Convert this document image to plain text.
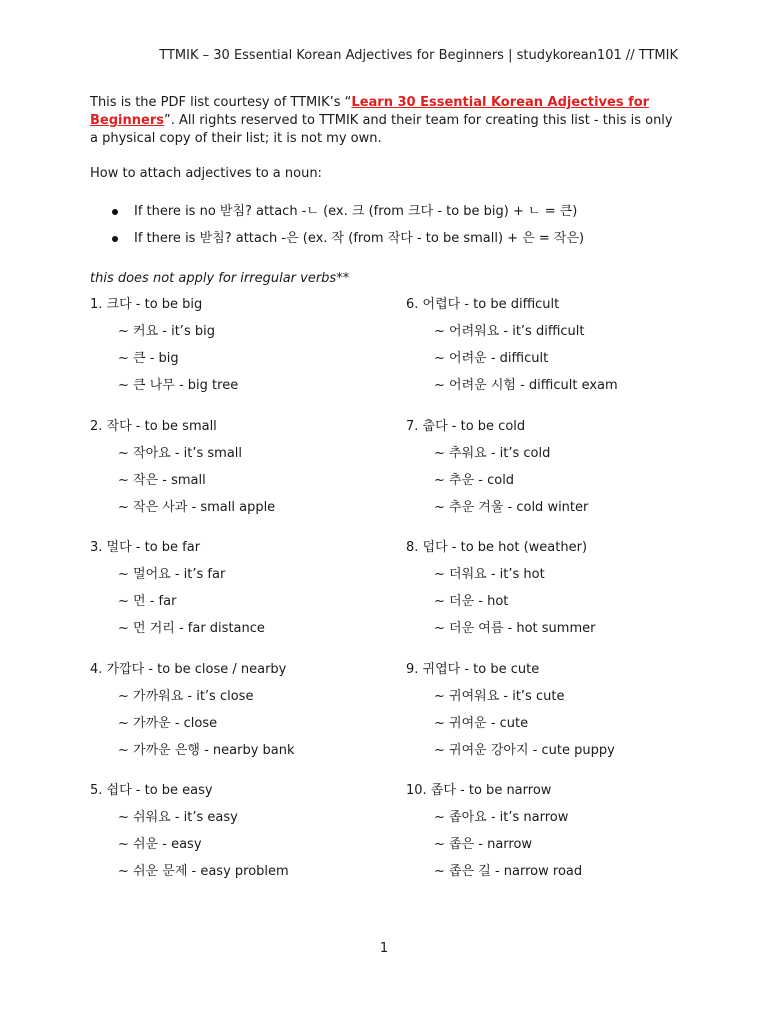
TTMIK – 30 Essential Korean Adjectives for Beginners | studykorean101 // TTMIK
This is the PDF list courtesy of TTMIK’s “Learn 30 Essential Korean Adjectives for Beginners”. All rights reserved to TTMIK and their team for creating this list - this is only a physical copy of their list; it is not my own.
How to attach adjectives to a noun:
If there is no 받침? attach -ㄴ (ex. 크 (from 크다 - to be big) + ㄴ = 큰)
If there is 받침? attach -은 (ex. 작 (from 작다 - to be small) + 은 = 작은)
this does not apply for irregular verbs**
1. 크다 - to be big
~ 커요 - it’s big
~ 큰 - big
~ 큰 나무 - big tree
2. 작다 - to be small
~ 작아요 - it’s small
~ 작은 - small
~ 작은 사과 - small apple
3. 멀다 - to be far
~ 멀어요 - it’s far
~ 먼 - far
~ 먼 거리 - far distance
4. 가깝다 - to be close / nearby
~ 가까워요 - it’s close
~ 가까운 - close
~ 가까운 은행 - nearby bank
5. 쉽다 - to be easy
~ 쉬워요 - it’s easy
~ 쉬운 - easy
~ 쉬운 문제 - easy problem
6. 어렵다 - to be difficult
~ 어려워요 - it’s difficult
~ 어려운 - difficult
~ 어려운 시험 - difficult exam
7. 춥다 - to be cold
~ 추워요 - it’s cold
~ 추운 - cold
~ 추운 겨울 - cold winter
8. 덥다 - to be hot (weather)
~ 더워요 - it’s hot
~ 더운 - hot
~ 더운 여름 - hot summer
9. 귀엽다 - to be cute
~ 귀여워요 - it’s cute
~ 귀여운 - cute
~ 귀여운 강아지 - cute puppy
10. 좁다 - to be narrow
~ 좁아요 - it’s narrow
~ 좁은 - narrow
~ 좁은 길 - narrow road
1
